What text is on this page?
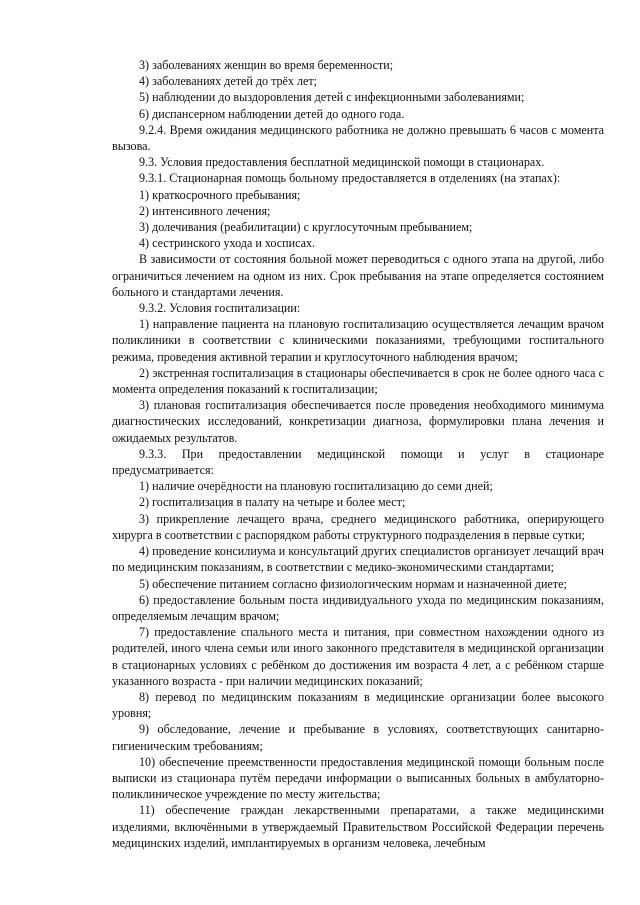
3) заболеваниях женщин во время беременности;

4) заболеваниях детей до трёх лет;

5) наблюдении до выздоровления детей с инфекционными заболеваниями;

6) диспансерном наблюдении детей до одного года.

9.2.4. Время ожидания медицинского работника не должно превышать 6 часов с момента вызова.

9.3. Условия предоставления бесплатной медицинской помощи в стационарах.

9.3.1. Стационарная помощь больному предоставляется в отделениях (на этапах):

1) краткосрочного пребывания;

2) интенсивного лечения;

3) долечивания (реабилитации) с круглосуточным пребыванием;

4) сестринского ухода и хосписах.

В зависимости от состояния больной может переводиться с одного этапа на другой, либо ограничиться лечением на одном из них. Срок пребывания на этапе определяется состоянием больного и стандартами лечения.

9.3.2. Условия госпитализации:

1) направление пациента на плановую госпитализацию осуществляется лечащим врачом поликлиники в соответствии с клиническими показаниями, требующими госпитального режима, проведения активной терапии и круглосуточного наблюдения врачом;

2) экстренная госпитализация в стационары обеспечивается в срок не более одного часа с момента определения показаний к госпитализации;

3) плановая госпитализация обеспечивается после проведения необходимого минимума диагностических исследований, конкретизации диагноза, формулировки плана лечения и ожидаемых результатов.

9.3.3. При предоставлении медицинской помощи и услуг в стационаре предусматривается:

1) наличие очерёдности на плановую госпитализацию до семи дней;

2) госпитализация в палату на четыре и более мест;

3) прикрепление лечащего врача, среднего медицинского работника, оперирующего хирурга в соответствии с распорядком работы структурного подразделения в первые сутки;

4) проведение консилиума и консультаций других специалистов организует лечащий врач по медицинским показаниям, в соответствии с медико-экономическими стандартами;

5) обеспечение питанием согласно физиологическим нормам и назначенной диете;

6) предоставление больным поста индивидуального ухода по медицинским показаниям, определяемым лечащим врачом;

7) предоставление спального места и питания, при совместном нахождении одного из родителей, иного члена семьи или иного законного представителя в медицинской организации в стационарных условиях с ребёнком до достижения им возраста 4 лет, а с ребёнком старше указанного возраста - при наличии медицинских показаний;

8) перевод по медицинским показаниям в медицинские организации более высокого уровня;

9) обследование, лечение и пребывание в условиях, соответствующих санитарно-гигиеническим требованиям;

10) обеспечение преемственности предоставления медицинской помощи больным после выписки из стационара путём передачи информации о выписанных больных в амбулаторно-поликлиническое учреждение по месту жительства;

11) обеспечение граждан лекарственными препаратами, а также медицинскими изделиями, включёнными в утверждаемый Правительством Российской Федерации перечень медицинских изделий, имплантируемых в организм человека, лечебным
